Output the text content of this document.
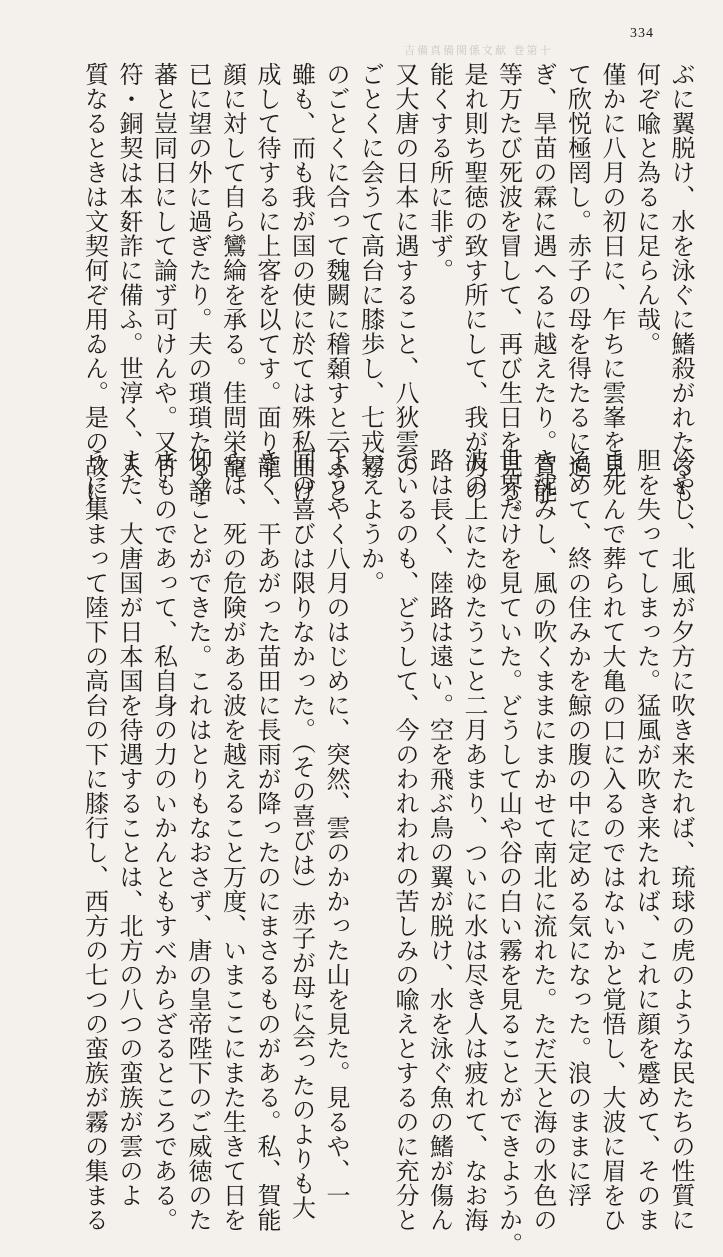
334
吉備真備関係文献 巻第十
ぶに翼脱け、水を泳ぐに鰭殺がれたるも、
何ぞ喩と為るに足らん哉。
僅かに八月の初日に、乍ちに雲峯を見
て欣悦極罔し。赤子の母を得たるに過
ぎ、旱苗の霖に遇へるに越えたり。賀能
等万たび死波を冒して、再び生日を見る。
是れ則ち聖徳の致す所にして、我が力の
能くする所に非ず。
又大唐の日本に遇すること、八狄雲の
ごとくに会うて高台に膝歩し、七戎霧
のごとくに合って魏闕に稽顙すと云ふと
雖も、而も我が国の使に於ては殊私曲げ
成して待するに上客を以てす。面り龍
顔に対して自ら鸞綸を承る。佳問栄寵
已に望の外に過ぎたり。夫の瑣瑣たる諸
蕃と豈同日にして論ず可けんや。又竹
符・銅契は本姧詐に備ふ。世淳く、人
質なるときは文契何ぞ用ゐん。是の故に
冷やし、北風が夕方に吹き来たれば、琉球の虎のような民たちの性質に
胆を失ってしまった。猛風が吹き来たれば、これに顔を蹙めて、そのま
ま死んで葬られて大亀の口に入るのではないかと覚悟し、大波に眉をひ
そめて、終の住みかを鯨の腹の中に定める気になった。浪のままに浮
き沈みし、風の吹くままにまかせて南北に流れた。ただ天と海の水色の
世界だけを見ていた。どうして山や谷の白い霧を見ることができようか。
波の上にたゆたうこと二月あまり、ついに水は尽き人は疲れて、なお海
路は長く、陸路は遠い。空を飛ぶ鳥の翼が脱け、水を泳ぐ魚の鰭が傷ん
でいるのも、どうして、今のわれわれの苦しみの喩えとするのに充分と
いえようか。
ようやく八月のはじめに、突然、雲のかかった山を見た。見るや、一
同の喜びは限りなかった。（その喜びは）赤子が母に会ったのよりも大
きく、干あがった苗田に長雨が降ったのにまさるものがある。私、賀能
らは、死の危険がある波を越えること万度、いまここにまた生きて日を
仰ぐことができた。これはとりもなおさず、唐の皇帝陛下のご威徳のた
まものであって、私自身の力のいかんともすべからざるところである。
また、大唐国が日本国を待遇することは、北方の八つの蛮族が雲のよ
うに集まって陸下の高台の下に膝行し、西方の七つの蛮族が霧の集まる
